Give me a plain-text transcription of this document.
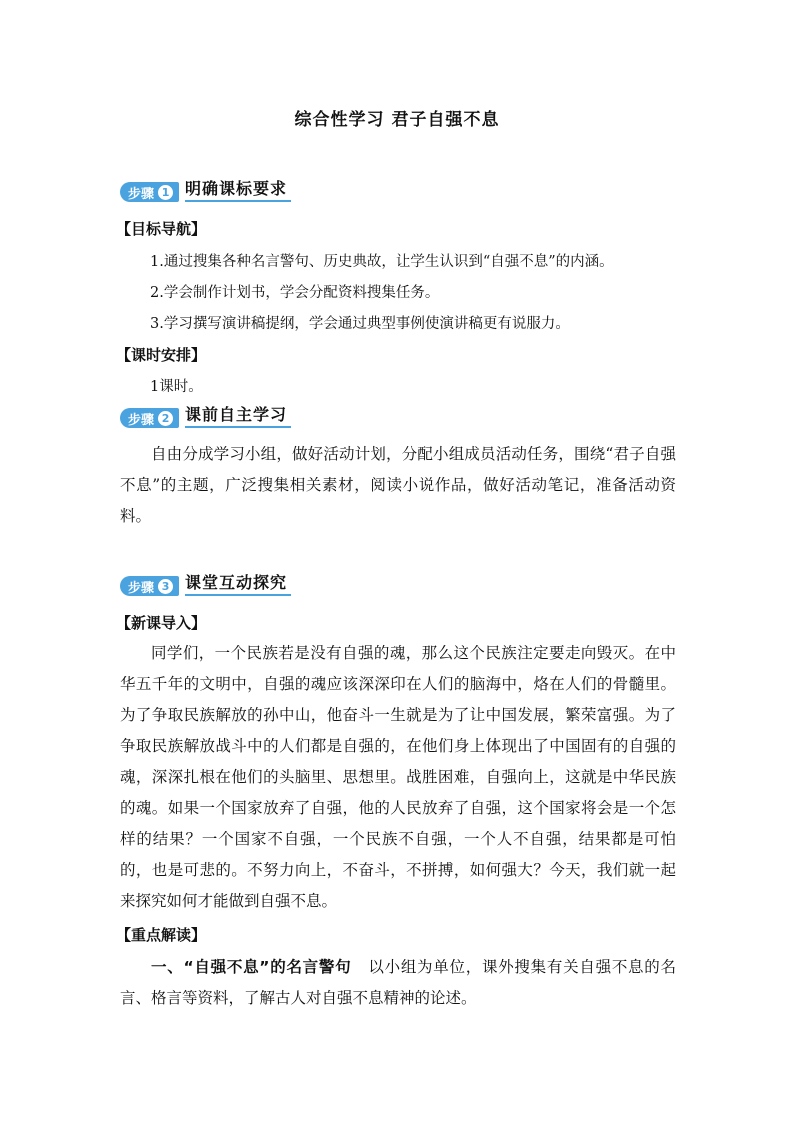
综合性学习 君子自强不息
步骤 1 明确课标要求
【目标导航】
1.通过搜集各种名言警句、历史典故，让学生认识到“自强不息”的内涵。
2.学会制作计划书，学会分配资料搜集任务。
3.学习撰写演讲稿提纲，学会通过典型事例使演讲稿更有说服力。
【课时安排】
1课时。
步骤 2 课前自主学习
自由分成学习小组，做好活动计划，分配小组成员活动任务，围绕“君子自强不息”的主题，广泛搜集相关素材，阅读小说作品，做好活动笔记，准备活动资料。
步骤 3 课堂互动探究
【新课导入】
同学们，一个民族若是没有自强的魂，那么这个民族注定要走向毁灭。在中华五千年的文明中，自强的魂应该深深印在人们的脑海中，烙在人们的骨髓里。为了争取民族解放的孙中山，他奋斗一生就是为了让中国发展，繁荣富强。为了争取民族解放战斗中的人们都是自强的，在他们身上体现出了中国固有的自强的魂，深深扎根在他们的头脑里、思想里。战胜困难，自强向上，这就是中华民族的魂。如果一个国家放弃了自强，他的人民放弃了自强，这个国家将会是一个怎样的结果？一个国家不自强，一个民族不自强，一个人不自强，结果都是可怕的，也是可悲的。不努力向上，不奋斗，不拼搏，如何强大？今天，我们就一起来探究如何才能做到自强不息。
【重点解读】
一、“自强不息”的名言警句 以小组为单位，课外搜集有关自强不息的名言、格言等资料，了解古人对自强不息精神的论述。
